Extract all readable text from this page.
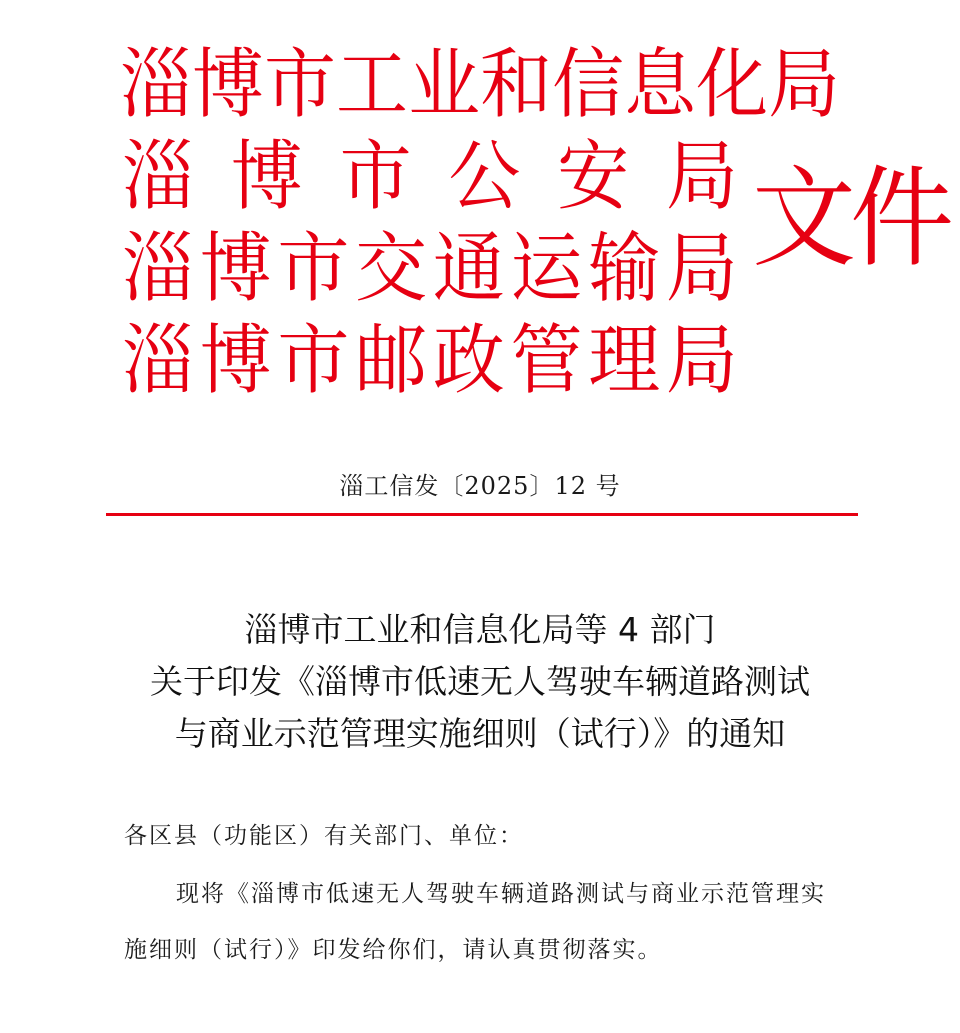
淄 博 市 工 业 和 信 息 化 局
淄 博 市 公 安 局
淄 博 市 交 通 运 输 局
淄 博 市 邮 政 管 理 局
文件
淄工信发〔2025〕12 号
淄博市工业和信息化局等 4 部门
关于印发《淄博市低速无人驾驶车辆道路测试
与商业示范管理实施细则（试行）》的通知
各区县（功能区）有关部门、单位：
现将《淄博市低速无人驾驶车辆道路测试与商业示范管理实
施细则（试行）》印发给你们，请认真贯彻落实。
